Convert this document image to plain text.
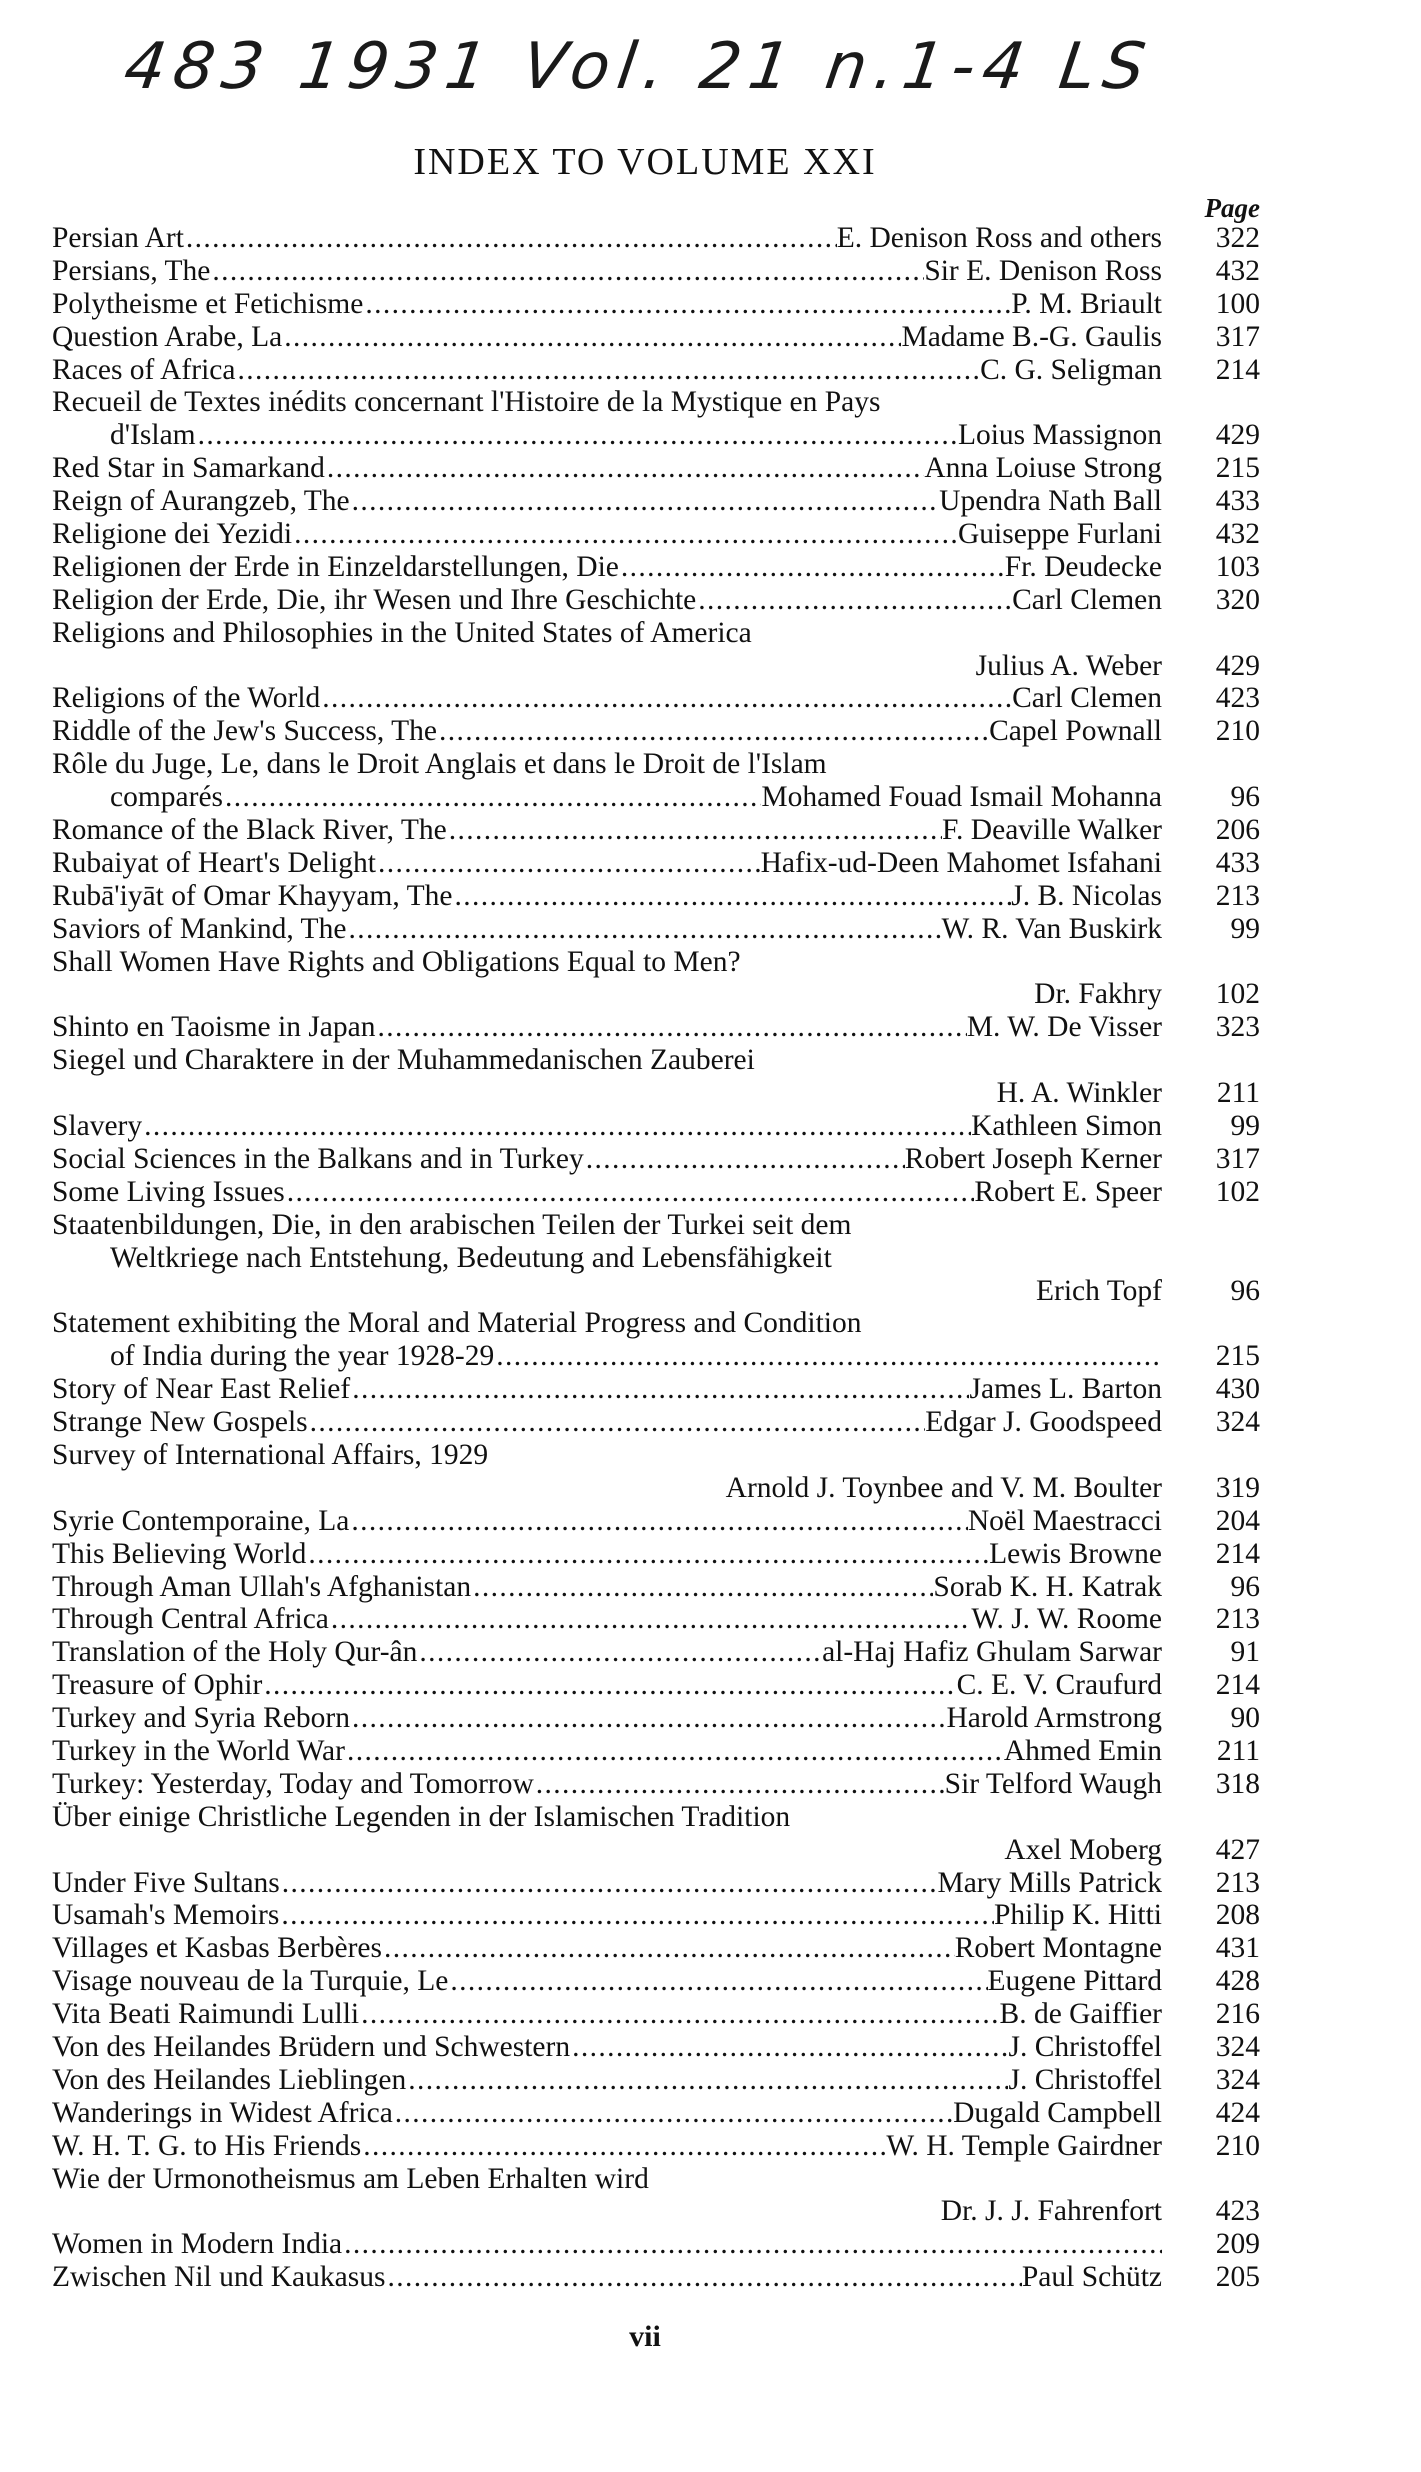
483 1931 Vol. 21 n.1-4 LS
INDEX TO VOLUME XXI
Page
Persian Art . . .	E. Denison Ross and others	322
Persians, The . . .	Sir E. Denison Ross	432
Polytheisme et Fetichisme . . .	P. M. Briault	100
Question Arabe, La . . .	Madame B.-G. Gaulis	317
Races of Africa . . .	C. G. Seligman	214
Recueil de Textes inédits concernant l'Histoire de la Mystique en Pays
d'Islam . . .	Loius Massignon	429
Red Star in Samarkand . . .	Anna Loiuse Strong	215
Reign of Aurangzeb, The . . .	Upendra Nath Ball	433
Religione dei Yezidi . . .	Guiseppe Furlani	432
Religionen der Erde in Einzeldarstellungen, Die . . .	Fr. Deudecke	103
Religion der Erde, Die, ihr Wesen und Ihre Geschichte . . .	Carl Clemen	320
Religions and Philosophies in the United States of America
Julius A. Weber	429
Religions of the World . . .	Carl Clemen	423
Riddle of the Jew's Success, The . . .	Capel Pownall	210
Rôle du Juge, Le, dans le Droit Anglais et dans le Droit de l'Islam
comparés . . .	Mohamed Fouad Ismail Mohanna	96
Romance of the Black River, The . . .	F. Deaville Walker	206
Rubaiyat of Heart's Delight . . .	Hafix-ud-Deen Mahomet Isfahani	433
Rubā'iyāt of Omar Khayyam, The . . .	J. B. Nicolas	213
Saviors of Mankind, The . . .	W. R. Van Buskirk	99
Shall Women Have Rights and Obligations Equal to Men?
Dr. Fakhry	102
Shinto en Taoisme in Japan . . .	M. W. De Visser	323
Siegel und Charaktere in der Muhammedanischen Zauberei
H. A. Winkler	211
Slavery . . .	Kathleen Simon	99
Social Sciences in the Balkans and in Turkey . . .	Robert Joseph Kerner	317
Some Living Issues . . .	Robert E. Speer	102
Staatenbildungen, Die, in den arabischen Teilen der Turkei seit dem
Weltkriege nach Entstehung, Bedeutung and Lebensfähigkeit
Erich Topf	96
Statement exhibiting the Moral and Material Progress and Condition
of India during the year 1928-29 . . .	215
Story of Near East Relief . . .	James L. Barton	430
Strange New Gospels . . .	Edgar J. Goodspeed	324
Survey of International Affairs, 1929
Arnold J. Toynbee and V. M. Boulter	319
Syrie Contemporaine, La . . .	Noël Maestracci	204
This Believing World . . .	Lewis Browne	214
Through Aman Ullah's Afghanistan . . .	Sorab K. H. Katrak	96
Through Central Africa . . .	W. J. W. Roome	213
Translation of the Holy Qur-ân . . .	al-Haj Hafiz Ghulam Sarwar	91
Treasure of Ophir . . .	C. E. V. Craufurd	214
Turkey and Syria Reborn . . .	Harold Armstrong	90
Turkey in the World War . . .	Ahmed Emin	211
Turkey: Yesterday, Today and Tomorrow . . .	Sir Telford Waugh	318
Über einige Christliche Legenden in der Islamischen Tradition
Axel Moberg	427
Under Five Sultans . . .	Mary Mills Patrick	213
Usamah's Memoirs . . .	Philip K. Hitti	208
Villages et Kasbas Berbères . . .	Robert Montagne	431
Visage nouveau de la Turquie, Le . . .	Eugene Pittard	428
Vita Beati Raimundi Lulli . . .	B. de Gaiffier	216
Von des Heilandes Brüdern und Schwestern . . .	J. Christoffel	324
Von des Heilandes Lieblingen . . .	J. Christoffel	324
Wanderings in Widest Africa . . .	Dugald Campbell	424
W. H. T. G. to His Friends . . .	W. H. Temple Gairdner	210
Wie der Urmonotheismus am Leben Erhalten wird
Dr. J. J. Fahrenfort	423
Women in Modern India . . .	209
Zwischen Nil und Kaukasus . . .	Paul Schütz	205
vii
